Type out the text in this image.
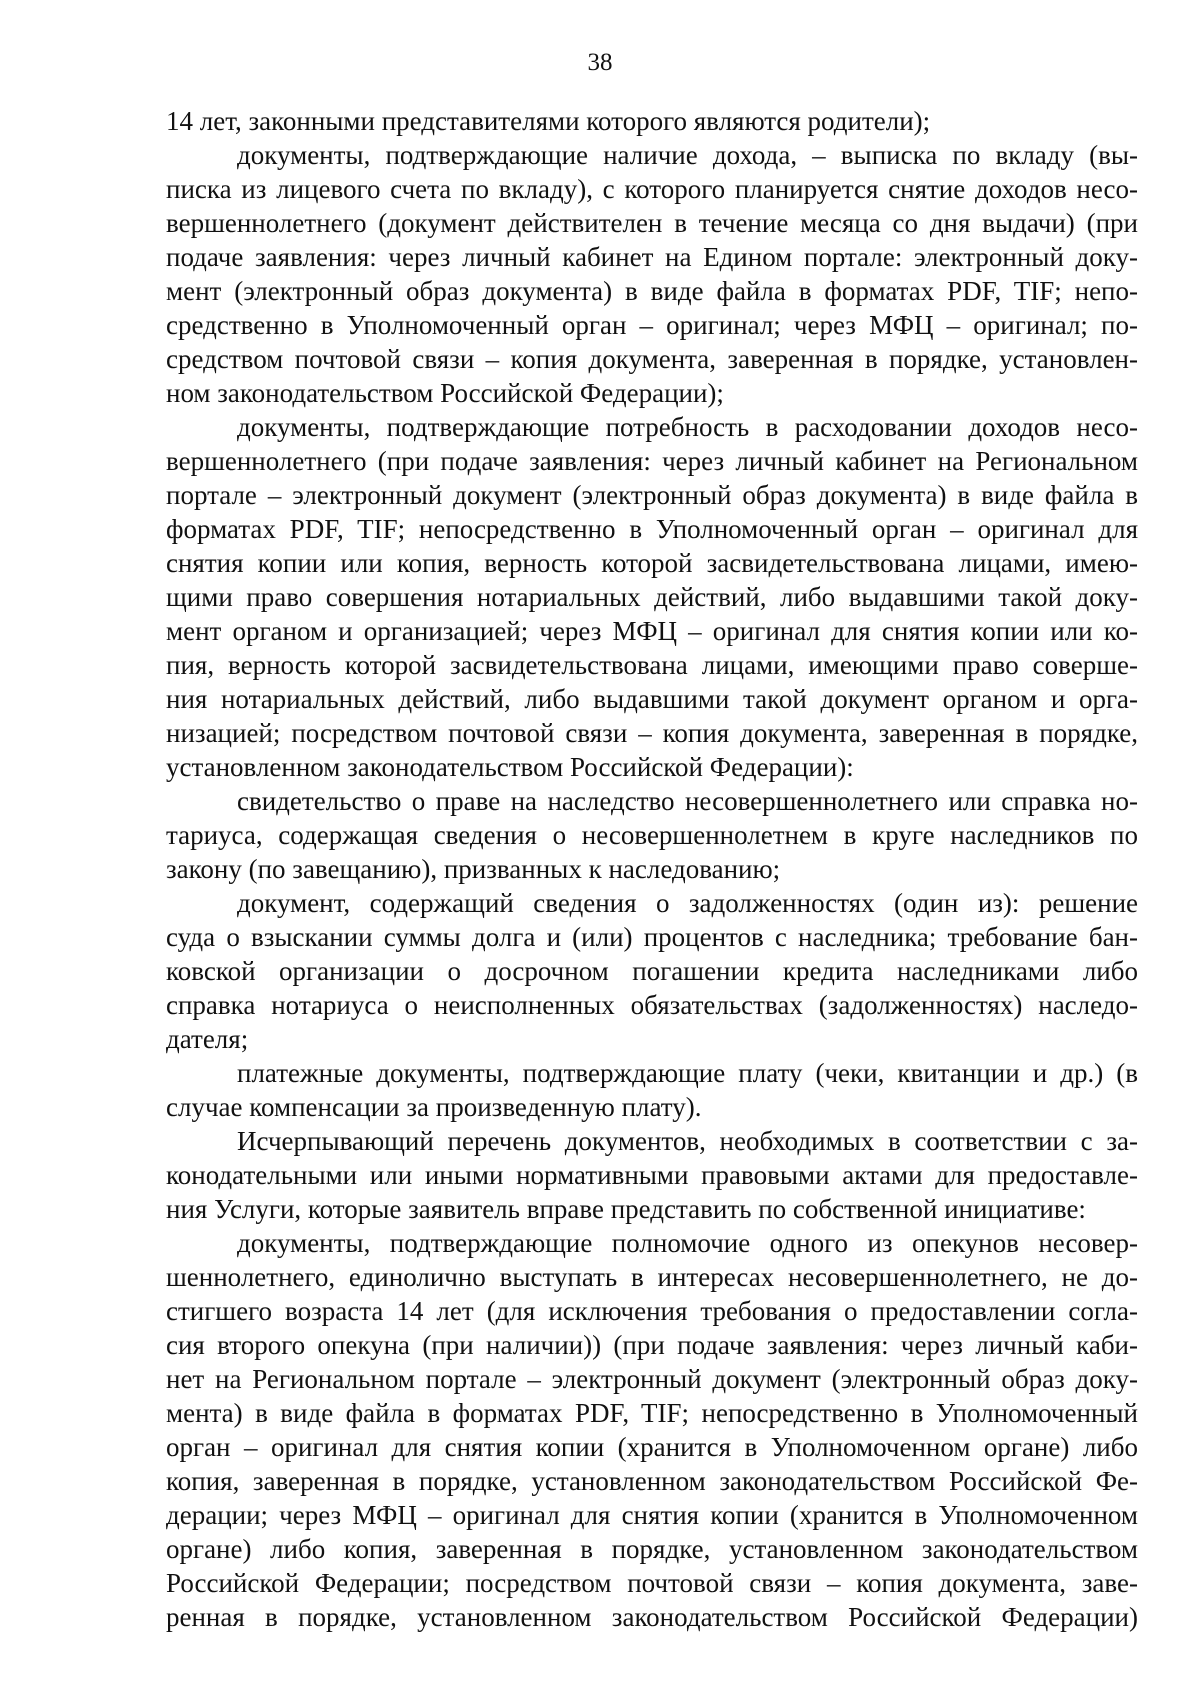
38
14 лет, законными представителями которого являются родители);
документы, подтверждающие наличие дохода, – выписка по вкладу (вы-
писка из лицевого счета по вкладу), с которого планируется снятие доходов несо-
вершеннолетнего (документ действителен в течение месяца со дня выдачи) (при
подаче заявления: через личный кабинет на Едином портале: электронный доку-
мент (электронный образ документа) в виде файла в форматах PDF, TIF; непо-
средственно в Уполномоченный орган – оригинал; через МФЦ – оригинал; по-
средством почтовой связи – копия документа, заверенная в порядке, установлен-
ном законодательством Российской Федерации);
документы, подтверждающие потребность в расходовании доходов несо-
вершеннолетнего (при подаче заявления: через личный кабинет на Региональном
портале – электронный документ (электронный образ документа) в виде файла в
форматах PDF, TIF; непосредственно в Уполномоченный орган – оригинал для
снятия копии или копия, верность которой засвидетельствована лицами, имею-
щими право совершения нотариальных действий, либо выдавшими такой доку-
мент органом и организацией; через МФЦ – оригинал для снятия копии или ко-
пия, верность которой засвидетельствована лицами, имеющими право соверше-
ния нотариальных действий, либо выдавшими такой документ органом и орга-
низацией; посредством почтовой связи – копия документа, заверенная в порядке,
установленном законодательством Российской Федерации):
свидетельство о праве на наследство несовершеннолетнего или справка но-
тариуса, содержащая сведения о несовершеннолетнем в круге наследников по
закону (по завещанию), призванных к наследованию;
документ, содержащий сведения о задолженностях (один из): решение
суда о взыскании суммы долга и (или) процентов с наследника; требование бан-
ковской организации о досрочном погашении кредита наследниками либо
справка нотариуса о неисполненных обязательствах (задолженностях) наследо-
дателя;
платежные документы, подтверждающие плату (чеки, квитанции и др.) (в
случае компенсации за произведенную плату).
Исчерпывающий перечень документов, необходимых в соответствии с за-
конодательными или иными нормативными правовыми актами для предоставле-
ния Услуги, которые заявитель вправе представить по собственной инициативе:
документы, подтверждающие полномочие одного из опекунов несовер-
шеннолетнего, единолично выступать в интересах несовершеннолетнего, не до-
стигшего возраста 14 лет (для исключения требования о предоставлении согла-
сия второго опекуна (при наличии)) (при подаче заявления: через личный каби-
нет на Региональном портале – электронный документ (электронный образ доку-
мента) в виде файла в форматах PDF, TIF; непосредственно в Уполномоченный
орган – оригинал для снятия копии (хранится в Уполномоченном органе) либо
копия, заверенная в порядке, установленном законодательством Российской Фе-
дерации; через МФЦ – оригинал для снятия копии (хранится в Уполномоченном
органе) либо копия, заверенная в порядке, установленном законодательством
Российской Федерации; посредством почтовой связи – копия документа, заве-
ренная в порядке, установленном законодательством Российской Федерации)
